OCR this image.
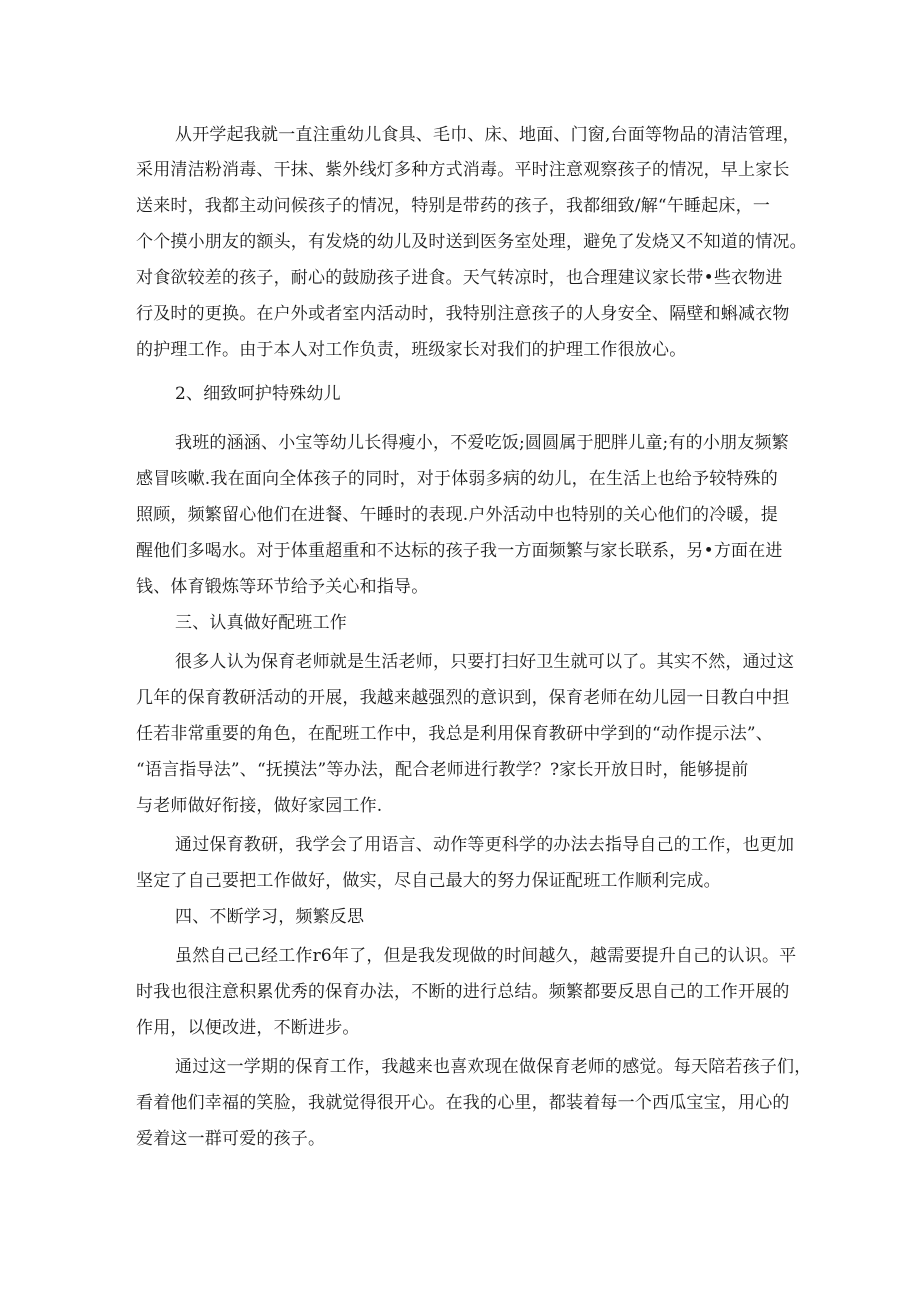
从开学起我就一直注重幼儿食具、毛巾、床、地面、门窗,台面等物品的清洁管理，

采用清洁粉消毒、干抹、紫外线灯多种方式消毒。平时注意观察孩子的情况，早上家长

送来时，我都主动问候孩子的情况，特别是带药的孩子，我都细致/解“午睡起床，一

个个摸小朋友的额头，有发烧的幼儿及时送到医务室处理，避免了发烧又不知道的情况。

对食欲较差的孩子，耐心的鼓励孩子进食。天气转凉时，也合理建议家长带•些衣物进

行及时的更换。在户外或者室内活动时，我特别注意孩子的人身安全、隔壁和蝌减衣物

的护理工作。由于本人对工作负责，班级家长对我们的护理工作很放心。

2、细致呵护特殊幼儿

我班的涵涵、小宝等幼儿长得瘦小，不爱吃饭;圆圆属于肥胖儿童;有的小朋友频繁

感冒咳嗽.我在面向全体孩子的同时，对于体弱多病的幼儿，在生活上也给予较特殊的

照顾，频繁留心他们在进餐、午睡时的表现.户外活动中也特别的关心他们的冷暖，提

醒他们多喝水。对于体重超重和不达标的孩子我一方面频繁与家长联系，另•方面在进

钱、体育锻炼等环节给予关心和指导。

三、认真做好配班工作

很多人认为保育老师就是生活老师，只要打扫好卫生就可以了。其实不然，通过这

几年的保育教研活动的开展，我越来越强烈的意识到，保育老师在幼儿园一日教白中担

任若非常重要的角色，在配班工作中，我总是利用保育教研中学到的“动作提示法”、

“语言指导法”、“抚摸法”等办法，配合老师进行教学？?家长开放日时，能够提前

与老师做好衔接，做好家园工作.

通过保育教研，我学会了用语言、动作等更科学的办法去指导自己的工作，也更加

坚定了自己要把工作做好，做实，尽自己最大的努力保证配班工作顺利完成。

四、不断学习，频繁反思

虽然自己己经工作r6年了，但是我发现做的时间越久，越需要提升自己的认识。平

时我也很注意积累优秀的保育办法，不断的进行总结。频繁都要反思自己的工作开展的

作用，以便改进，不断进步。

通过这一学期的保育工作，我越来也喜欢现在做保育老师的感觉。每天陪若孩子们，

看着他们幸福的笑脸，我就觉得很开心。在我的心里，都装着每一个西瓜宝宝，用心的

爱着这一群可爱的孩子。
